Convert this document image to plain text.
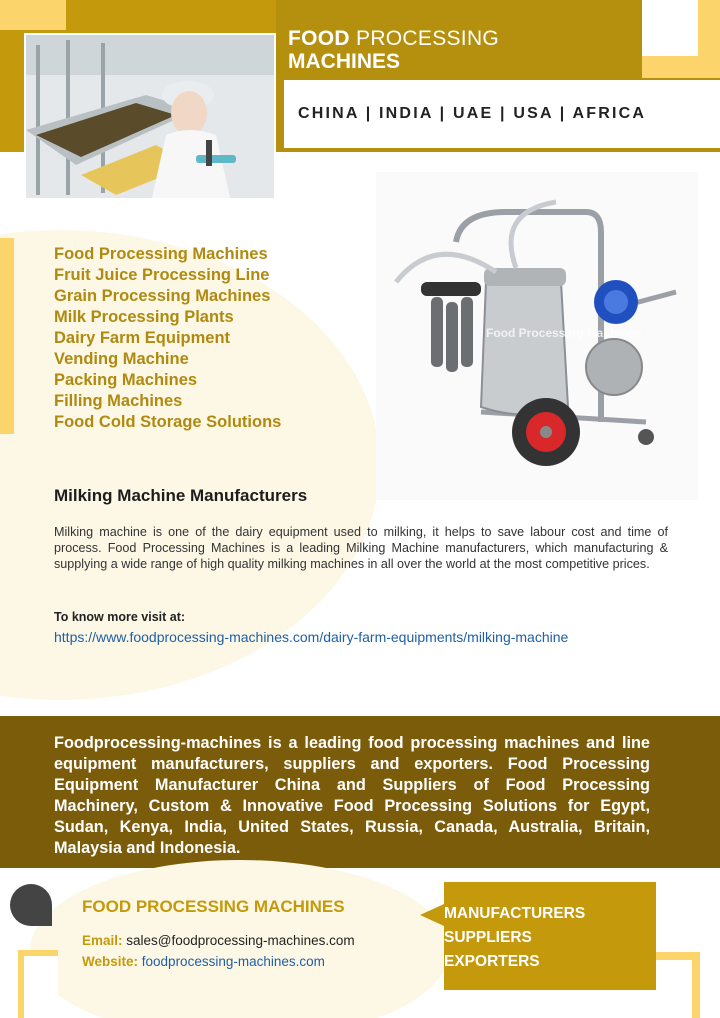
FOOD PROCESSING
MACHINES
CHINA | INDIA | UAE | USA | AFRICA
Food Processing Machines
Fruit Juice Processing Line
Grain Processing Machines
Milk Processing Plants
Dairy Farm Equipment
Vending Machine
Packing Machines
Filling Machines
Food Cold Storage Solutions
Food Processing Machines
Milking Machine Manufacturers

Milking machine is one of the dairy equipment used to milking, it helps to save labour cost and time of process. Food Processing Machines is a leading Milking Machine manufacturers, which manufacturing & supplying a wide range of high quality milking machines in all over the world at the most competitive prices.

To know more visit at:
https://www.foodprocessing-machines.com/dairy-farm-equipments/milking-machine

Foodprocessing-machines is a leading food processing machines and line equipment manufacturers, suppliers and exporters. Food Processing Equipment Manufacturer China and Suppliers of Food Processing Machinery, Custom & Innovative Food Processing Solutions for Egypt, Sudan, Kenya, India, United States, Russia, Canada, Australia, Britain, Malaysia and Indonesia.

FOOD PROCESSING MACHINES
Email: sales@foodprocessing-machines.com
Website: foodprocessing-machines.com
MANUFACTURERS
SUPPLIERS
EXPORTERS
